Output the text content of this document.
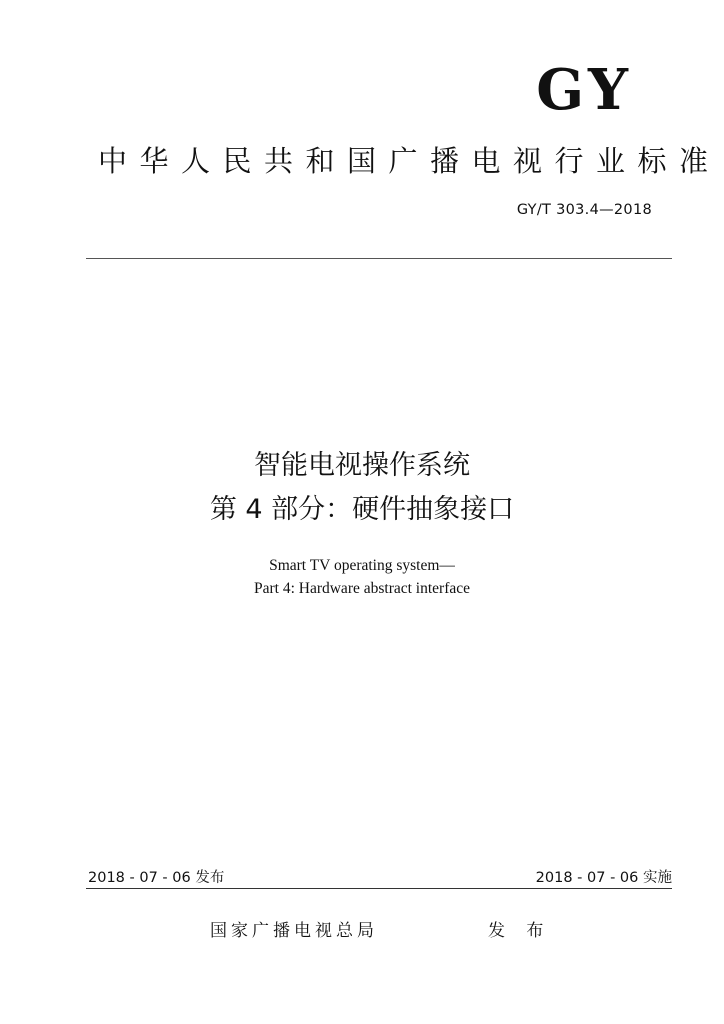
GY
中华人民共和国广播电视行业标准
GY/T 303.4—2018
智能电视操作系统
第 4 部分：硬件抽象接口
Smart TV operating system—
Part 4: Hardware abstract interface
2018 - 07 - 06 发布	2018 - 07 - 06 实施
国家广播电视总局	发 布
